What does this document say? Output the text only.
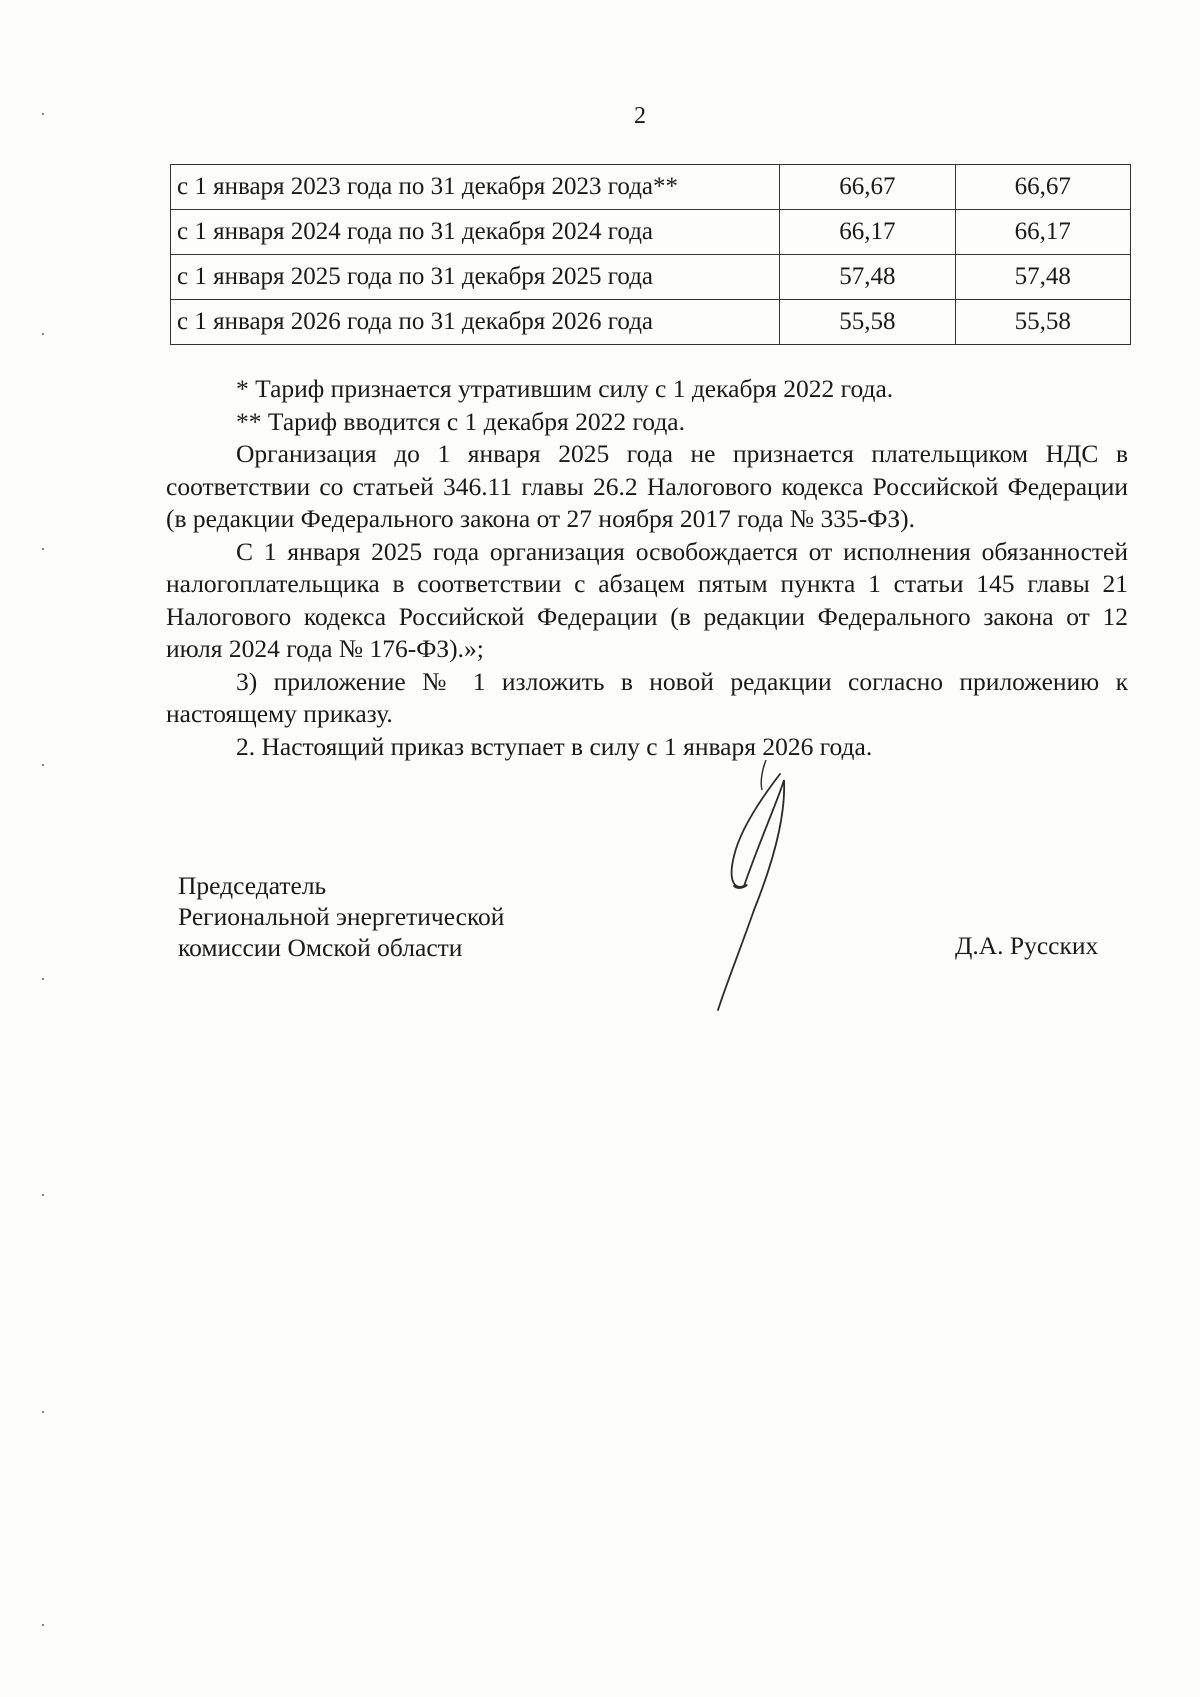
2
с 1 января 2023 года по 31 декабря 2023 года**	66,67	66,67
с 1 января 2024 года по 31 декабря 2024 года	66,17	66,17
с 1 января 2025 года по 31 декабря 2025 года	57,48	57,48
с 1 января 2026 года по 31 декабря 2026 года	55,58	55,58

* Тариф признается утратившим силу с 1 декабря 2022 года.

** Тариф вводится с 1 декабря 2022 года.

Организация до 1 января 2025 года не признается плательщиком НДС в соответствии со статьей 346.11 главы 26.2 Налогового кодекса Российской Федерации (в редакции Федерального закона от 27 ноября 2017 года № 335-ФЗ).

С 1 января 2025 года организация освобождается от исполнения обязанностей налогоплательщика в соответствии с абзацем пятым пункта 1 статьи 145 главы 21 Налогового кодекса Российской Федерации (в редакции Федерального закона от 12 июля 2024 года № 176-ФЗ).»;

3) приложение № 1 изложить в новой редакции согласно приложению к настоящему приказу.

2. Настоящий приказ вступает в силу с 1 января 2026 года.

Председатель
Региональной энергетической
комиссии Омской области	Д.А. Русских
